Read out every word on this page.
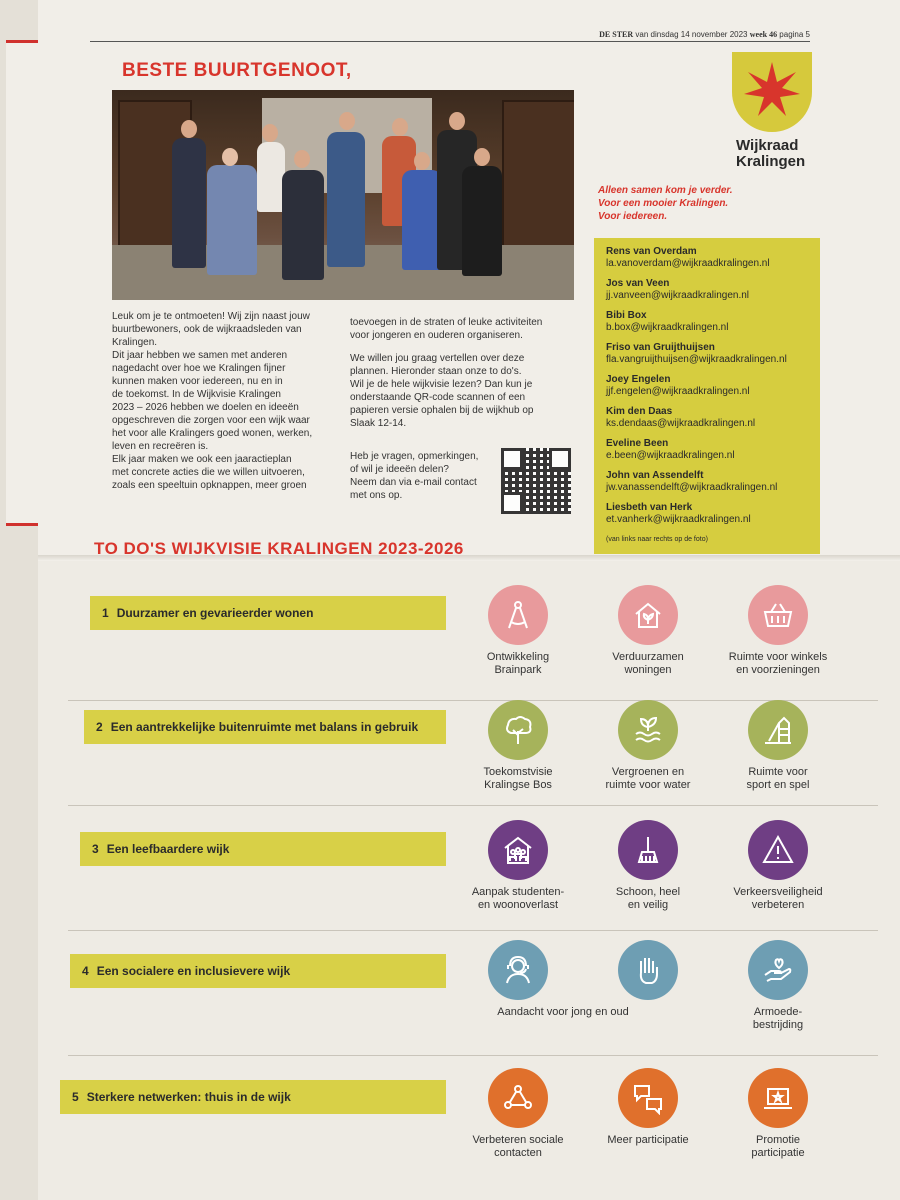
DE STER van dinsdag 14 november 2023 week 46 pagina 5
BESTE BUURTGENOOT,
Wijkraad
Kralingen
Alleen samen kom je verder.
Voor een mooier Kralingen.
Voor iedereen.
Rens van Overdam
la.vanoverdam@wijkraadkralingen.nl
Jos van Veen
jj.vanveen@wijkraadkralingen.nl
Bibi Box
b.box@wijkraadkralingen.nl
Friso van Gruijthuijsen
fla.vangruijthuijsen@wijkraadkralingen.nl
Joey Engelen
jjf.engelen@wijkraadkralingen.nl
Kim den Daas
ks.dendaas@wijkraadkralingen.nl
Eveline Been
e.been@wijkraadkralingen.nl
John van Assendelft
jw.vanassendelft@wijkraadkralingen.nl
Liesbeth van Herk
et.vanherk@wijkraadkralingen.nl
(van links naar rechts op de foto)
Leuk om je te ontmoeten! Wij zijn naast jouw
buurtbewoners, ook de wijkraadsleden van
Kralingen.
Dit jaar hebben we samen met anderen
nagedacht over hoe we Kralingen fijner
kunnen maken voor iedereen, nu en in
de toekomst. In de Wijkvisie Kralingen
2023 – 2026 hebben we doelen en ideeën
opgeschreven die zorgen voor een wijk waar
het voor alle Kralingers goed wonen, werken,
leven en recreëren is.
Elk jaar maken we ook een jaaractieplan
met concrete acties die we willen uitvoeren,
zoals een speeltuin opknappen, meer groen
toevoegen in de straten of leuke activiteiten
voor jongeren en ouderen organiseren.
We willen jou graag vertellen over deze
plannen. Hieronder staan onze to do's.
Wil je de hele wijkvisie lezen? Dan kun je
onderstaande QR-code scannen of een
papieren versie ophalen bij de wijkhub op
Slaak 12-14.
Heb je vragen, opmerkingen,
of wil je ideeën delen?
Neem dan via e-mail contact
met ons op.
TO DO'S WIJKVISIE KRALINGEN 2023-2026
1 Duurzamer en gevarieerder wonen
2 Een aantrekkelijke buitenruimte met balans in gebruik
3 Een leefbaardere wijk
4 Een socialere en inclusievere wijk
5 Sterkere netwerken: thuis in de wijk
Ontwikkeling
Brainpark
Verduurzamen
woningen
Ruimte voor winkels
en voorzieningen
Toekomstvisie
Kralingse Bos
Vergroenen en
ruimte voor water
Ruimte voor
sport en spel
Aanpak studenten-
en woonoverlast
Schoon, heel
en veilig
Verkeersveiligheid
verbeteren
Aandacht voor jong en oud	Armoede-
bestrijding
Verbeteren sociale
contacten
Meer participatie	Promotie
participatie
